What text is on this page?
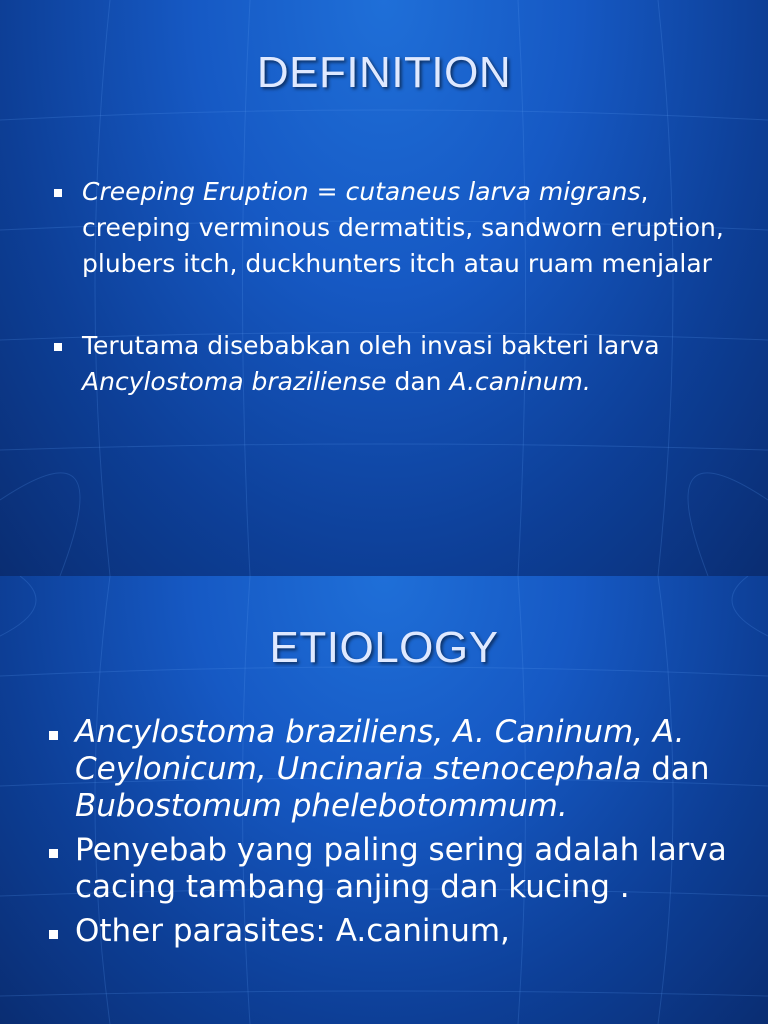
DEFINITION
Creeping Eruption = cutaneus larva migrans, creeping verminous dermatitis, sandworn eruption, plubers itch, duckhunters itch atau ruam menjalar
Terutama disebabkan oleh invasi bakteri larva Ancylostoma braziliense dan A.caninum.
ETIOLOGY
Ancylostoma braziliens, A. Caninum, A. Ceylonicum, Uncinaria stenocephala dan Bubostomum phelebotommum.
Penyebab yang paling sering adalah larva cacing tambang anjing dan kucing .
Other parasites: A.caninum,
